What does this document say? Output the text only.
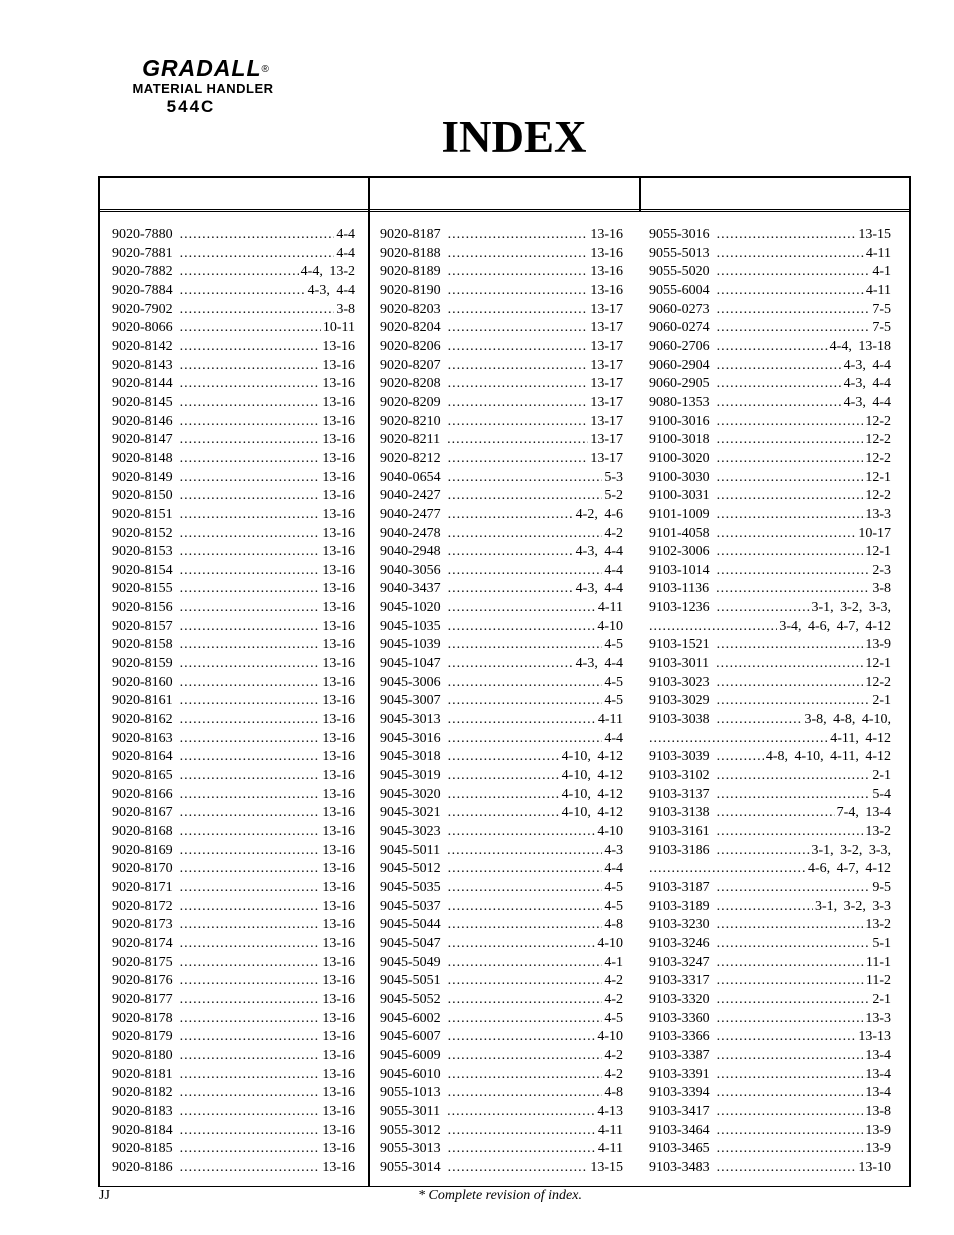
GRADALL®
MATERIAL HANDLER
544C
INDEX
9020-7880 .....	4-4
9020-7881 .....	4-4
9020-7882 .....	4-4, 13-2
9020-7884 .....	4-3, 4-4
9020-7902 .....	3-8
9020-8066 .....	10-11
9020-8142 .....	13-16
9020-8143 .....	13-16
9020-8144 .....	13-16
9020-8145 .....	13-16
9020-8146 .....	13-16
9020-8147 .....	13-16
9020-8148 .....	13-16
9020-8149 .....	13-16
9020-8150 .....	13-16
9020-8151 .....	13-16
9020-8152 .....	13-16
9020-8153 .....	13-16
9020-8154 .....	13-16
9020-8155 .....	13-16
9020-8156 .....	13-16
9020-8157 .....	13-16
9020-8158 .....	13-16
9020-8159 .....	13-16
9020-8160 .....	13-16
9020-8161 .....	13-16
9020-8162 .....	13-16
9020-8163 .....	13-16
9020-8164 .....	13-16
9020-8165 .....	13-16
9020-8166 .....	13-16
9020-8167 .....	13-16
9020-8168 .....	13-16
9020-8169 .....	13-16
9020-8170 .....	13-16
9020-8171 .....	13-16
9020-8172 .....	13-16
9020-8173 .....	13-16
9020-8174 .....	13-16
9020-8175 .....	13-16
9020-8176 .....	13-16
9020-8177 .....	13-16
9020-8178 .....	13-16
9020-8179 .....	13-16
9020-8180 .....	13-16
9020-8181 .....	13-16
9020-8182 .....	13-16
9020-8183 .....	13-16
9020-8184 .....	13-16
9020-8185 .....	13-16
9020-8186 .....	13-16
9020-8187 .....	13-16
9020-8188 .....	13-16
9020-8189 .....	13-16
9020-8190 .....	13-16
9020-8203 .....	13-17
9020-8204 .....	13-17
9020-8206 .....	13-17
9020-8207 .....	13-17
9020-8208 .....	13-17
9020-8209 .....	13-17
9020-8210 .....	13-17
9020-8211 .....	13-17
9020-8212 .....	13-17
9040-0654 .....	5-3
9040-2427 .....	5-2
9040-2477 .....	4-2, 4-6
9040-2478 .....	4-2
9040-2948 .....	4-3, 4-4
9040-3056 .....	4-4
9040-3437 .....	4-3, 4-4
9045-1020 .....	4-11
9045-1035 .....	4-10
9045-1039 .....	4-5
9045-1047 .....	4-3, 4-4
9045-3006 .....	4-5
9045-3007 .....	4-5
9045-3013 .....	4-11
9045-3016 .....	4-4
9045-3018 .....	4-10, 4-12
9045-3019 .....	4-10, 4-12
9045-3020 .....	4-10, 4-12
9045-3021 .....	4-10, 4-12
9045-3023 .....	4-10
9045-5011 .....	4-3
9045-5012 .....	4-4
9045-5035 .....	4-5
9045-5037 .....	4-5
9045-5044 .....	4-8
9045-5047 .....	4-10
9045-5049 .....	4-1
9045-5051 .....	4-2
9045-5052 .....	4-2
9045-6002 .....	4-5
9045-6007 .....	4-10
9045-6009 .....	4-2
9045-6010 .....	4-2
9055-1013 .....	4-8
9055-3011 .....	4-13
9055-3012 .....	4-11
9055-3013 .....	4-11
9055-3014 .....	13-15
9055-3016 .....	13-15
9055-5013 .....	4-11
9055-5020 .....	4-1
9055-6004 .....	4-11
9060-0273 .....	7-5
9060-0274 .....	7-5
9060-2706 .....	4-4, 13-18
9060-2904 .....	4-3, 4-4
9060-2905 .....	4-3, 4-4
9080-1353 .....	4-3, 4-4
9100-3016 .....	12-2
9100-3018 .....	12-2
9100-3020 .....	12-2
9100-3030 .....	12-1
9100-3031 .....	12-2
9101-1009 .....	13-3
9101-4058 .....	10-17
9102-3006 .....	12-1
9103-1014 .....	2-3
9103-1136 .....	3-8
9103-1236 .....	3-1, 3-2, 3-3,
.....
3-4, 4-6, 4-7, 4-12
9103-1521 .....	13-9
9103-3011 .....	12-1
9103-3023 .....	12-2
9103-3029 .....	2-1
9103-3038 .....	3-8, 4-8, 4-10,
.....
4-11, 4-12
9103-3039 .....	4-8, 4-10, 4-11, 4-12
9103-3102 .....	2-1
9103-3137 .....	5-4
9103-3138 .....	7-4, 13-4
9103-3161 .....	13-2
9103-3186 .....	3-1, 3-2, 3-3,
.....
4-6, 4-7, 4-12
9103-3187 .....	9-5
9103-3189 .....	3-1, 3-2, 3-3
9103-3230 .....	13-2
9103-3246 .....	5-1
9103-3247 .....	11-1
9103-3317 .....	11-2
9103-3320 .....	2-1
9103-3360 .....	13-3
9103-3366 .....	13-13
9103-3387 .....	13-4
9103-3391 .....	13-4
9103-3394 .....	13-4
9103-3417 .....	13-8
9103-3464 .....	13-9
9103-3465 .....	13-9
9103-3483 .....	13-10
JJ	* Complete revision of index.
